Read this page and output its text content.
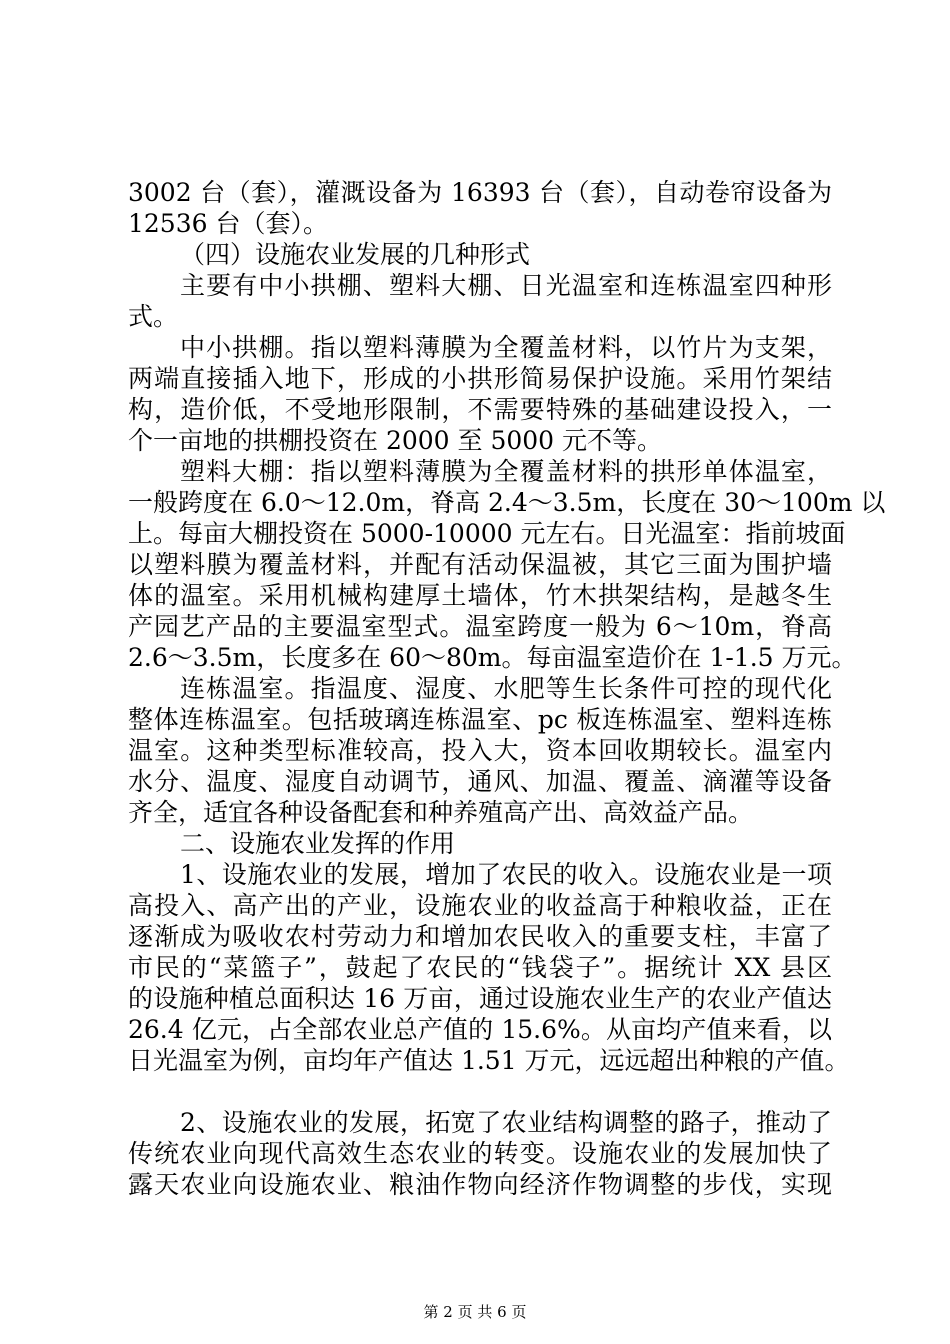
3002 台（套），灌溉设备为 16393 台（套），自动卷帘设备为
12536 台（套）。
（四）设施农业发展的几种形式
主要有中小拱棚、塑料大棚、日光温室和连栋温室四种形
式。
中小拱棚。指以塑料薄膜为全覆盖材料，以竹片为支架，
两端直接插入地下，形成的小拱形简易保护设施。采用竹架结
构，造价低，不受地形限制，不需要特殊的基础建设投入，一
个一亩地的拱棚投资在 2000 至 5000 元不等。
塑料大棚：指以塑料薄膜为全覆盖材料的拱形单体温室，
一般跨度在 6.0～12.0m，脊高 2.4～3.5m，长度在 30～100m 以
上。每亩大棚投资在 5000-10000 元左右。日光温室：指前坡面
以塑料膜为覆盖材料，并配有活动保温被，其它三面为围护墙
体的温室。采用机械构建厚土墙体，竹木拱架结构，是越冬生
产园艺产品的主要温室型式。温室跨度一般为 6～10m，脊高
2.6～3.5m，长度多在 60～80m。每亩温室造价在 1-1.5 万元。
连栋温室。指温度、湿度、水肥等生长条件可控的现代化
整体连栋温室。包括玻璃连栋温室、pc 板连栋温室、塑料连栋
温室。这种类型标准较高，投入大，资本回收期较长。温室内
水分、温度、湿度自动调节，通风、加温、覆盖、滴灌等设备
齐全，适宜各种设备配套和种养殖高产出、高效益产品。
二、设施农业发挥的作用
1、设施农业的发展，增加了农民的收入。设施农业是一项
高投入、高产出的产业，设施农业的收益高于种粮收益，正在
逐渐成为吸收农村劳动力和增加农民收入的重要支柱，丰富了
市民的“菜篮子”，鼓起了农民的“钱袋子”。据统计 XX 县区
的设施种植总面积达 16 万亩，通过设施农业生产的农业产值达
26.4 亿元，占全部农业总产值的 15.6%。从亩均产值来看，以
日光温室为例，亩均年产值达 1.51 万元，远远超出种粮的产值。
2、设施农业的发展，拓宽了农业结构调整的路子，推动了
传统农业向现代高效生态农业的转变。设施农业的发展加快了
露天农业向设施农业、粮油作物向经济作物调整的步伐，实现
第 2 页 共 6 页
